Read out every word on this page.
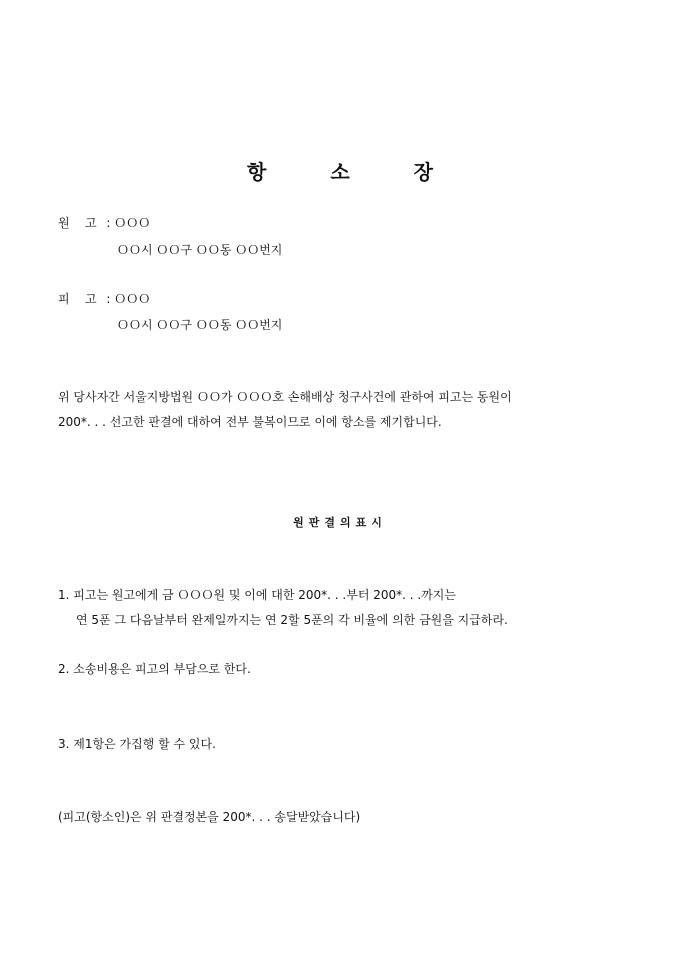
항소장
원 고 : ＯＯＯ
ＯＯ시 ＯＯ구 ＯＯ동 ＯＯ번지
피 고 : ＯＯＯ
ＯＯ시 ＯＯ구 ＯＯ동 ＯＯ번지
위 당사자간 서울지방법원 ＯＯ가 ＯＯＯ호 손해배상 청구사건에 관하여 피고는 동원이
200*. . . 선고한 판결에 대하여 전부 불복이므로 이에 항소를 제기합니다.
원판결의표시
1. 피고는 원고에게 금 ＯＯＯ원 및 이에 대한 200*. . .부터 200*. . .까지는
연 5푼 그 다음날부터 완제일까지는 연 2할 5푼의 각 비율에 의한 금원을 지급하라.
2. 소송비용은 피고의 부담으로 한다.
3. 제1항은 가집행 할 수 있다.
(피고(항소인)은 위 판결정본을 200*. . . 송달받았습니다)
